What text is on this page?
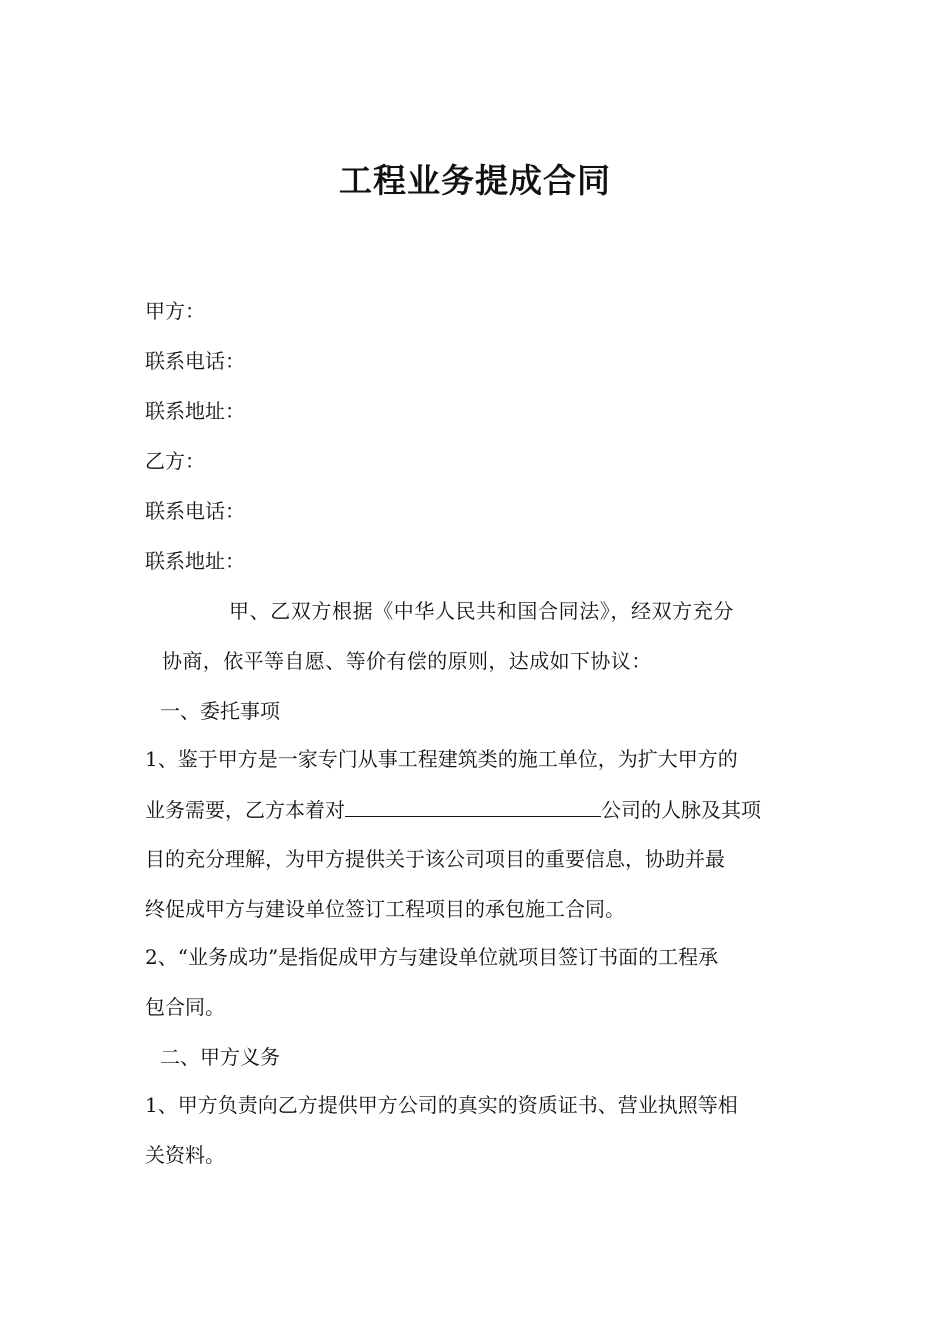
工程业务提成合同
甲方：
联系电话：
联系地址：
乙方：
联系电话：
联系地址：
甲、乙双方根据《中华人民共和国合同法》，经双方充分
协商，依平等自愿、等价有偿的原则，达成如下协议：
一、委托事项
1、鉴于甲方是一家专门从事工程建筑类的施工单位，为扩大甲方的
业务需要，乙方本着对	公司的人脉及其项
目的充分理解，为甲方提供关于该公司项目的重要信息，协助并最
终促成甲方与建设单位签订工程项目的承包施工合同。
2、“业务成功”是指促成甲方与建设单位就项目签订书面的工程承
包合同。
二、甲方义务
1、甲方负责向乙方提供甲方公司的真实的资质证书、营业执照等相
关资料。
